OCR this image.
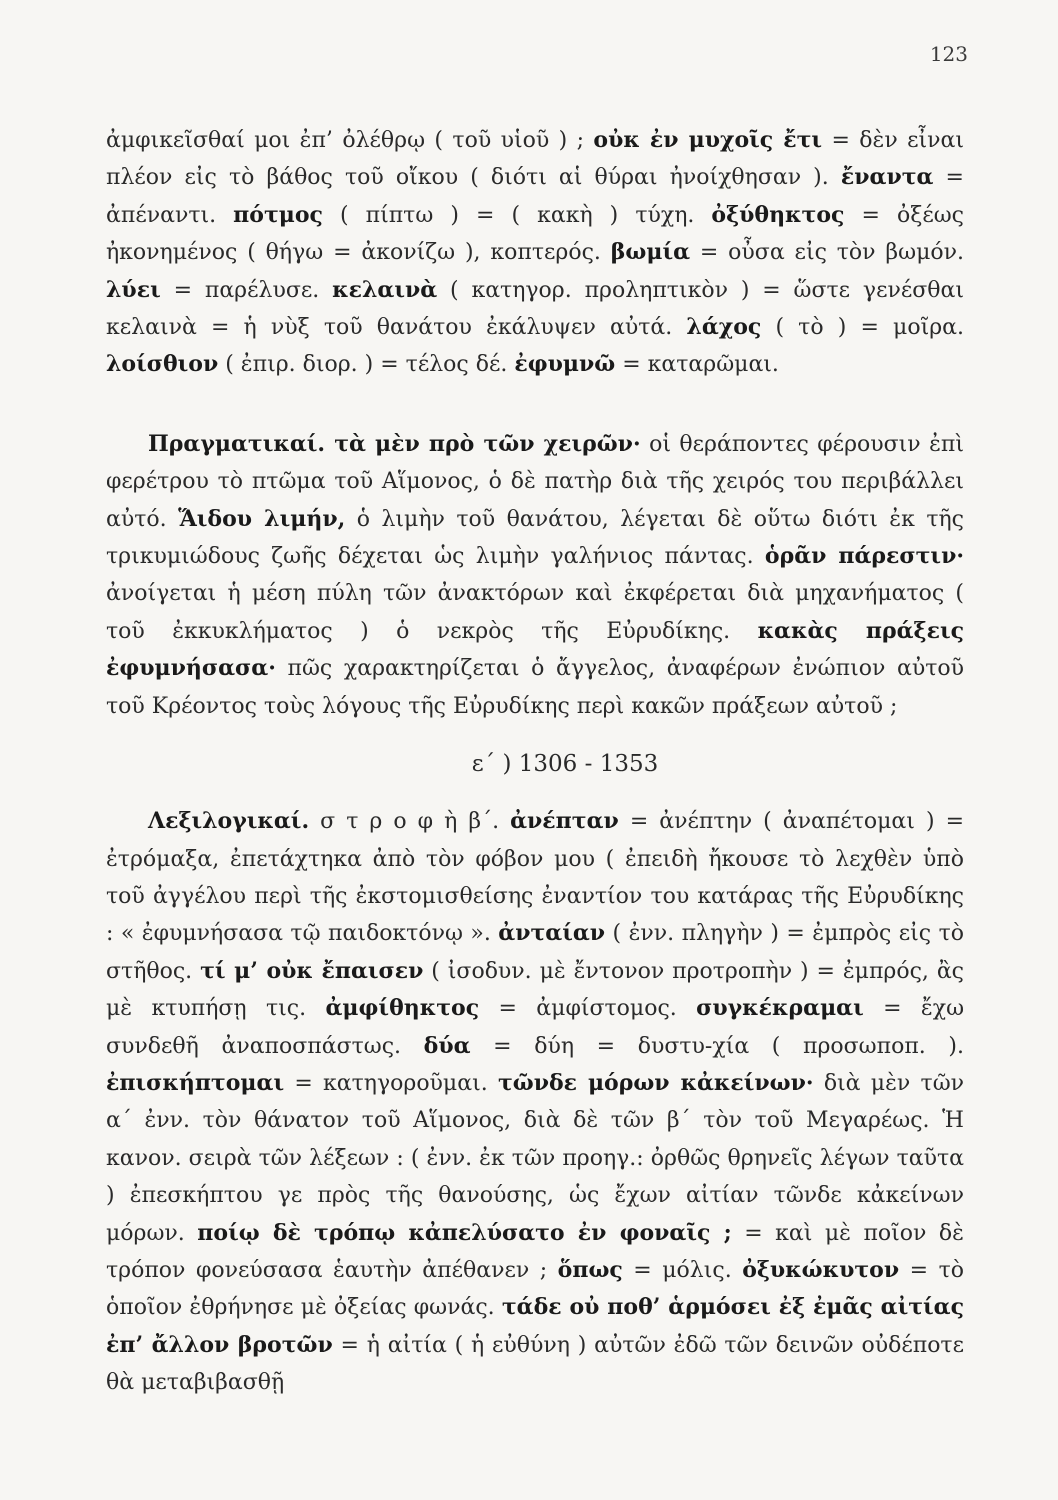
123

ἀμφικεῖσθαί μοι ἐπ’ ὀλέθρῳ ( τοῦ υἱοῦ ) ; οὐκ ἐν μυχοῖς ἔτι = δὲν εἶναι πλέον εἰς τὸ βάθος τοῦ οἴκου ( διότι αἱ θύραι ἠνοίχθησαν ). ἔναντα = ἀπέναντι. πότμος ( πίπτω ) = ( κακὴ ) τύχη. ὀξύθηκτος = ὀξέως ἠκονημένος ( θήγω = ἀκονίζω ), κοπτερός. βωμία = οὖσα εἰς τὸν βωμόν. λύει = παρέλυσε. κελαινὰ ( κατηγορ. προληπτικὸν ) = ὥστε γενέσθαι κελαινὰ = ἡ νὺξ τοῦ θανάτου ἐκάλυψεν αὐτά. λάχος ( τὸ ) = μοῖρα. λοίσθιον ( ἐπιρ. διορ. ) = τέλος δέ. ἐφυμνῶ = καταρῶμαι.

Πραγματικαί. τὰ μὲν πρὸ τῶν χειρῶν· οἱ θεράποντες φέρουσιν ἐπὶ φερέτρου τὸ πτῶμα τοῦ Αἵμονος, ὁ δὲ πατὴρ διὰ τῆς χειρός του περιβάλλει αὐτό. Ἅιδου λιμήν, ὁ λιμὴν τοῦ θανάτου, λέγεται δὲ οὕτω διότι ἐκ τῆς τρικυμιώδους ζωῆς δέχεται ὡς λιμὴν γαλήνιος πάντας. ὁρᾶν πάρεστιν· ἀνοίγεται ἡ μέση πύλη τῶν ἀνακτόρων καὶ ἐκφέρεται διὰ μηχανήματος ( τοῦ ἐκκυκλήματος ) ὁ νεκρὸς τῆς Εὐρυδίκης. κακὰς πράξεις ἐφυμνήσασα· πῶς χαρακτηρίζεται ὁ ἄγγελος, ἀναφέρων ἐνώπιον αὐτοῦ τοῦ Κρέοντος τοὺς λόγους τῆς Εὐρυδίκης περὶ κακῶν πράξεων αὐτοῦ ;

ε΄ ) 1306 - 1353

Λεξιλογικαί. σ τ ρ ο φ ὴ β΄. ἀνέπταν = ἀνέπτην ( ἀναπέτομαι ) = ἐτρόμαξα, ἐπετάχτηκα ἀπὸ τὸν φόβον μου ( ἐπειδὴ ἤκουσε τὸ λεχθὲν ὑπὸ τοῦ ἀγγέλου περὶ τῆς ἐκστομισθείσης ἐναντίον του κατάρας τῆς Εὐρυδίκης : « ἐφυμνήσασα τῷ παιδοκτόνῳ ». ἀνταίαν ( ἐνν. πληγὴν ) = ἐμπρὸς εἰς τὸ στῆθος. τί μ’ οὐκ ἔπαισεν ( ἰσοδυν. μὲ ἔντονον προτροπὴν ) = ἐμπρός, ἂς μὲ κτυπήσῃ τις. ἀμφίθηκτος = ἀμφίστομος. συγκέκραμαι = ἔχω συνδεθῆ ἀναποσπάστως. δύα = δύη = δυστυ-χία ( προσωποπ. ). ἐπισκήπτομαι = κατηγοροῦμαι. τῶνδε μόρων κἀκείνων· διὰ μὲν τῶν α΄ ἐνν. τὸν θάνατον τοῦ Αἵμονος, διὰ δὲ τῶν β΄ τὸν τοῦ Μεγαρέως. Ἡ κανον. σειρὰ τῶν λέξεων : ( ἐνν. ἐκ τῶν προηγ.: ὀρθῶς θρηνεῖς λέγων ταῦτα ) ἐπεσκήπτου γε πρὸς τῆς θανούσης, ὡς ἔχων αἰτίαν τῶνδε κἀκείνων μόρων. ποίῳ δὲ τρόπῳ κἀπελύσατο ἐν φοναῖς ; = καὶ μὲ ποῖον δὲ τρόπον φονεύσασα ἑαυτὴν ἀπέθανεν ; ὅπως = μόλις. ὀξυκώκυτον = τὸ ὁποῖον ἐθρήνησε μὲ ὀξείας φωνάς. τάδε οὐ ποθ’ ἁρμόσει ἐξ ἐμᾶς αἰτίας ἐπ’ ἄλλον βροτῶν = ἡ αἰτία ( ἡ εὐθύνη ) αὐτῶν ἐδῶ τῶν δεινῶν οὐδέποτε θὰ μεταβιβασθῇ
